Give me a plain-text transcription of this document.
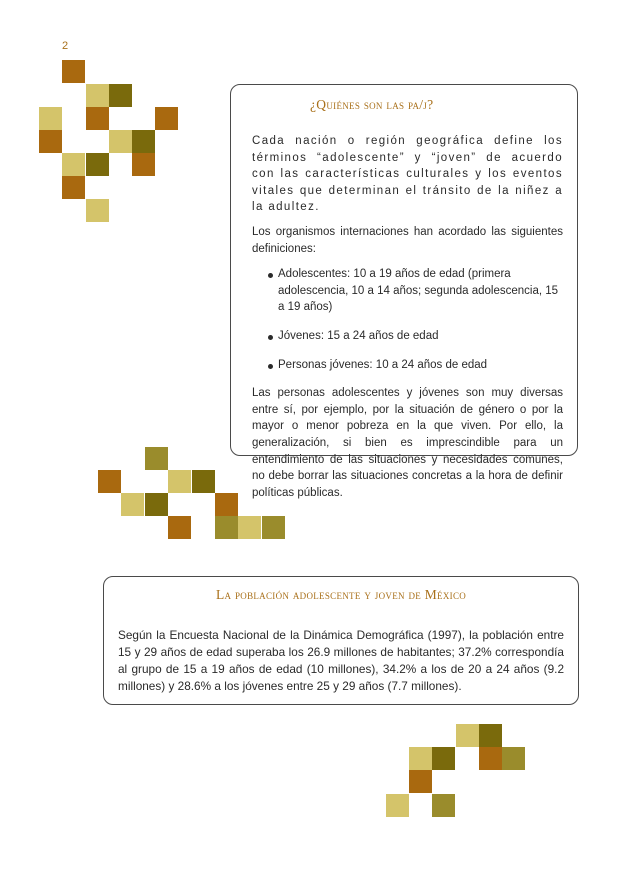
2
¿Quiénes son las pa/j?

Cada nación o región geográfica define los términos “adolescente” y “joven” de acuerdo con las características culturales y los eventos vitales que determinan el tránsito de la niñez a la adultez.

Los organismos internaciones han acordado las siguientes definiciones:

Adolescentes: 10 a 19 años de edad (primera adolescencia, 10 a 14 años; segunda adolescencia, 15 a 19 años)
Jóvenes: 15 a 24 años de edad
Personas jóvenes: 10 a 24 años de edad

Las personas adolescentes y jóvenes son muy diversas entre sí, por ejemplo, por la situación de género o por la mayor o menor pobreza en la que viven. Por ello, la generalización, si bien es imprescindible para un entendimiento de las situaciones y necesidades comunes, no debe borrar las situaciones concretas a la hora de definir políticas públicas.

La población adolescente y joven de México

Según la Encuesta Nacional de la Dinámica Demográfica (1997), la población entre 15 y 29 años de edad superaba los 26.9 millones de habitantes; 37.2% correspondía al grupo de 15 a 19 años de edad (10 millones), 34.2% a los de 20 a 24 años (9.2 millones) y 28.6% a los jóvenes entre 25 y 29 años (7.7 millones).
